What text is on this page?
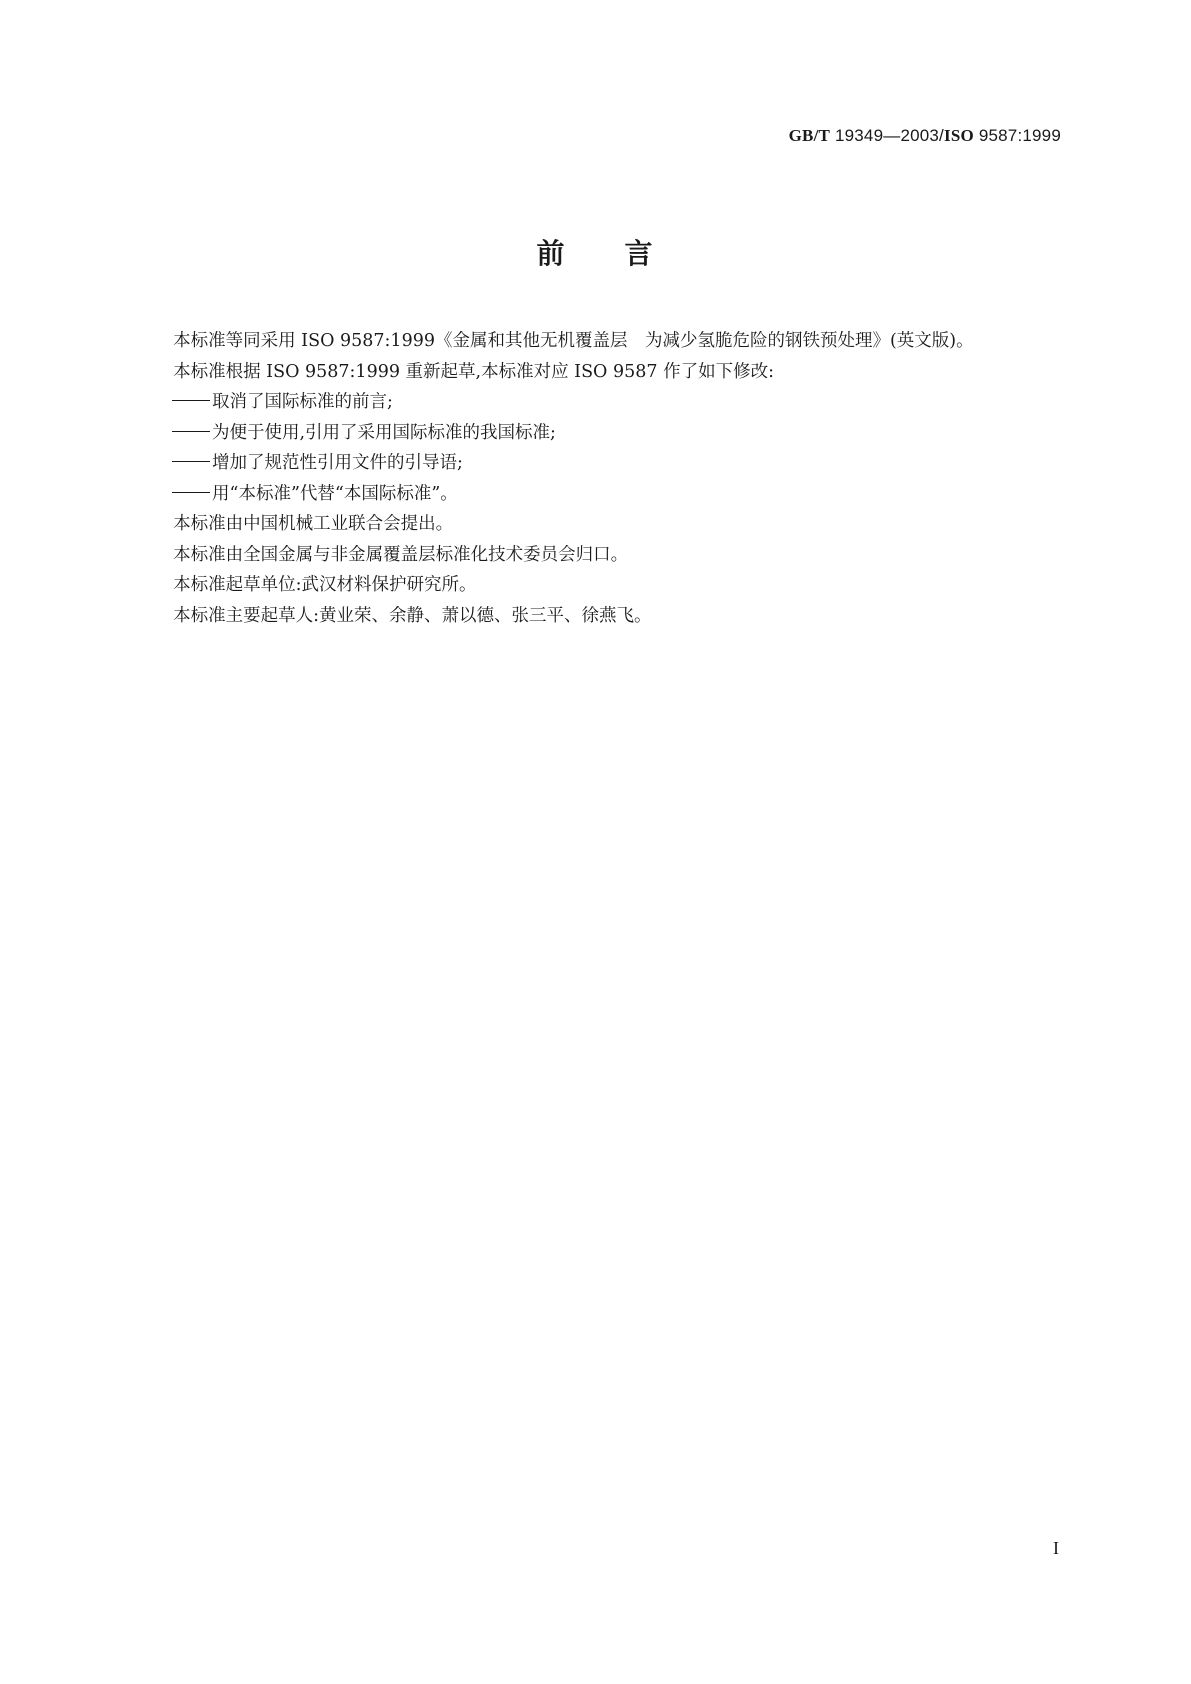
GB/T 19349—2003/ISO 9587:1999
前 言

本标准等同采用 ISO 9587:1999《金属和其他无机覆盖层　为减少氢脆危险的钢铁预处理》(英文版)。

本标准根据 ISO 9587:1999 重新起草,本标准对应 ISO 9587 作了如下修改:

取消了国际标准的前言;

为便于使用,引用了采用国际标准的我国标准;

增加了规范性引用文件的引导语;

用“本标准”代替“本国际标准”。

本标准由中国机械工业联合会提出。

本标准由全国金属与非金属覆盖层标准化技术委员会归口。

本标准起草单位:武汉材料保护研究所。

本标准主要起草人:黄业荣、余静、萧以德、张三平、徐燕飞。

I
